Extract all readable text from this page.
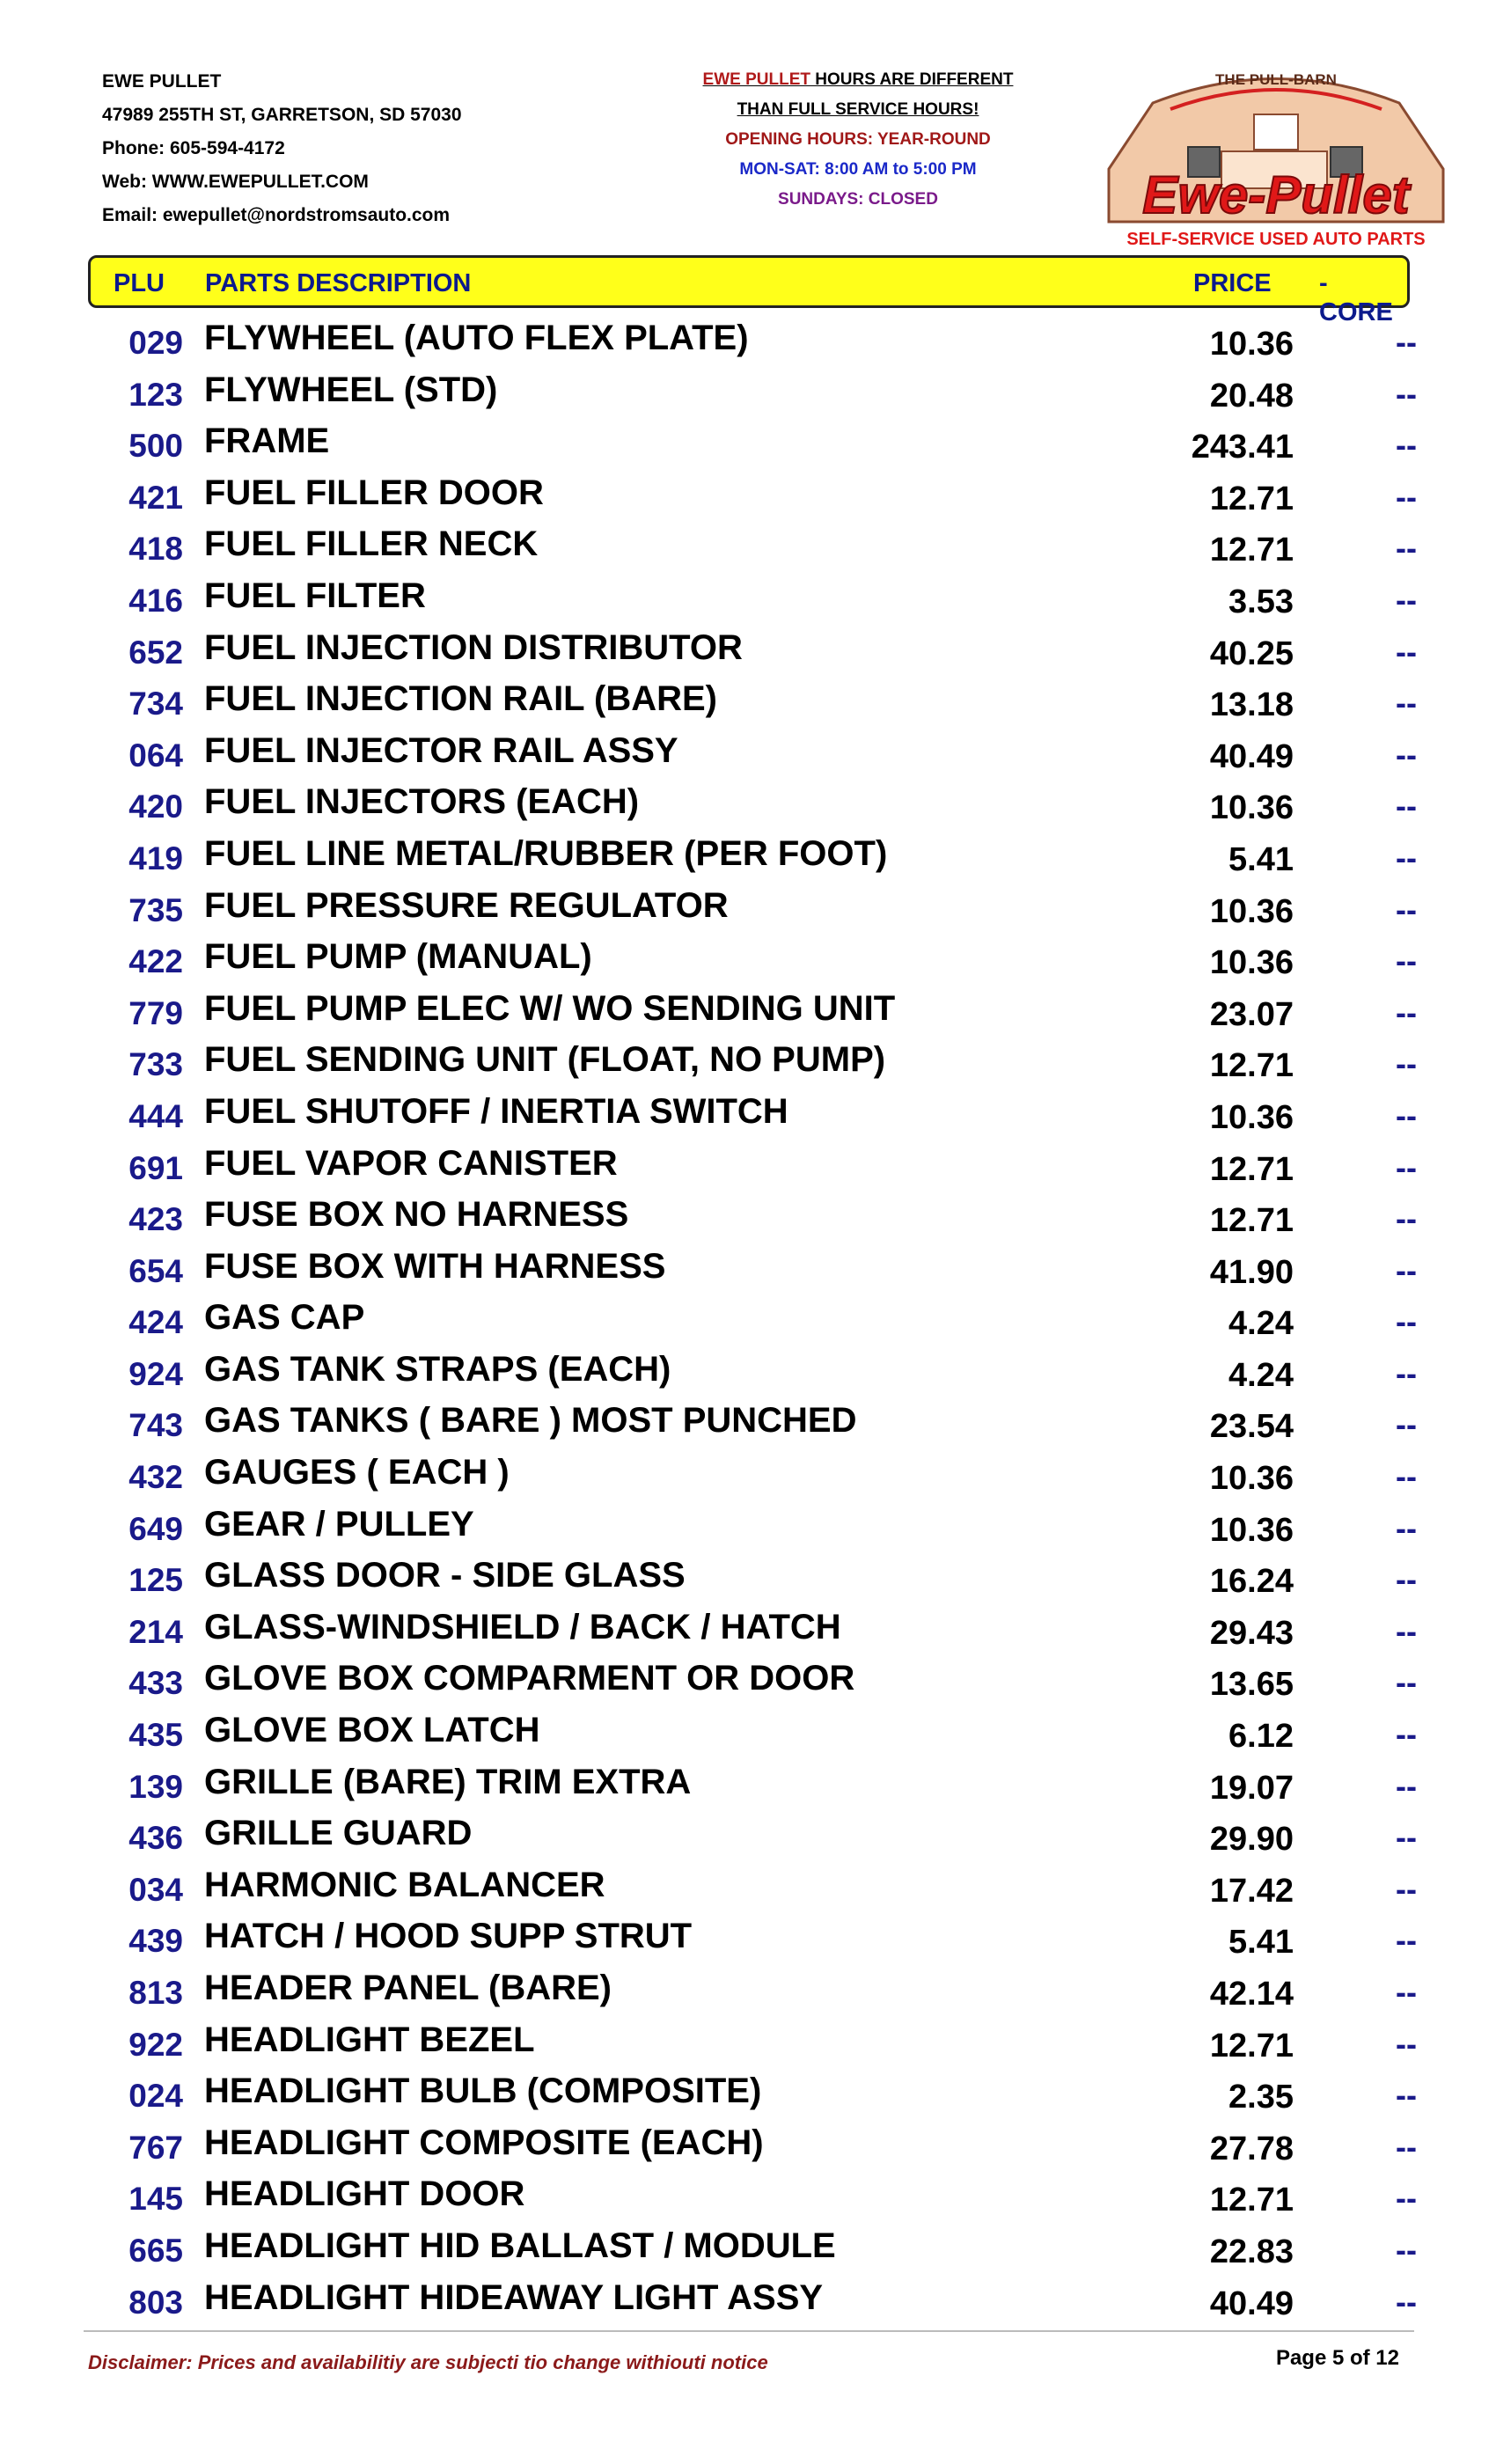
EWE PULLET
47989 255TH ST, GARRETSON, SD 57030
Phone: 605-594-4172
Web: WWW.EWEPULLET.COM
Email: ewepullet@nordstromsauto.com
EWE PULLET HOURS ARE DIFFERENT
THAN FULL SERVICE HOURS!
OPENING HOURS: YEAR-ROUND
MON-SAT: 8:00 AM to 5:00 PM
SUNDAYS: CLOSED
THE PULL-BARN
Ewe-Pullet
SELF-SERVICE USED AUTO PARTS
PLU PARTS DESCRIPTION	PRICE - CORE
029 FLYWHEEL (AUTO FLEX PLATE)	10.36	--
123 FLYWHEEL (STD)	20.48	--
500 FRAME	243.41	--
421 FUEL FILLER DOOR	12.71	--
418 FUEL FILLER NECK	12.71	--
416 FUEL FILTER	3.53	--
652 FUEL INJECTION DISTRIBUTOR	40.25	--
734 FUEL INJECTION RAIL (BARE)	13.18	--
064 FUEL INJECTOR RAIL ASSY	40.49	--
420 FUEL INJECTORS (EACH)	10.36	--
419 FUEL LINE METAL/RUBBER (PER FOOT)	5.41	--
735 FUEL PRESSURE REGULATOR	10.36	--
422 FUEL PUMP (MANUAL)	10.36	--
779 FUEL PUMP ELEC W/ WO SENDING UNIT	23.07	--
733 FUEL SENDING UNIT (FLOAT, NO PUMP)	12.71	--
444 FUEL SHUTOFF / INERTIA SWITCH	10.36	--
691 FUEL VAPOR CANISTER	12.71	--
423 FUSE BOX NO HARNESS	12.71	--
654 FUSE BOX WITH HARNESS	41.90	--
424 GAS CAP	4.24	--
924 GAS TANK STRAPS (EACH)	4.24	--
743 GAS TANKS ( BARE ) MOST PUNCHED	23.54	--
432 GAUGES ( EACH )	10.36	--
649 GEAR / PULLEY	10.36	--
125 GLASS DOOR - SIDE GLASS	16.24	--
214 GLASS-WINDSHIELD / BACK / HATCH	29.43	--
433 GLOVE BOX COMPARMENT OR DOOR	13.65	--
435 GLOVE BOX LATCH	6.12	--
139 GRILLE (BARE) TRIM EXTRA	19.07	--
436 GRILLE GUARD	29.90	--
034 HARMONIC BALANCER	17.42	--
439 HATCH / HOOD SUPP STRUT	5.41	--
813 HEADER PANEL (BARE)	42.14	--
922 HEADLIGHT BEZEL	12.71	--
024 HEADLIGHT BULB (COMPOSITE)	2.35	--
767 HEADLIGHT COMPOSITE (EACH)	27.78	--
145 HEADLIGHT DOOR	12.71	--
665 HEADLIGHT HID BALLAST / MODULE	22.83	--
803 HEADLIGHT HIDEAWAY LIGHT ASSY	40.49	--
Disclaimer: Prices and availabilitiy are subjecti tio change withiouti notice	Page 5 of 12
